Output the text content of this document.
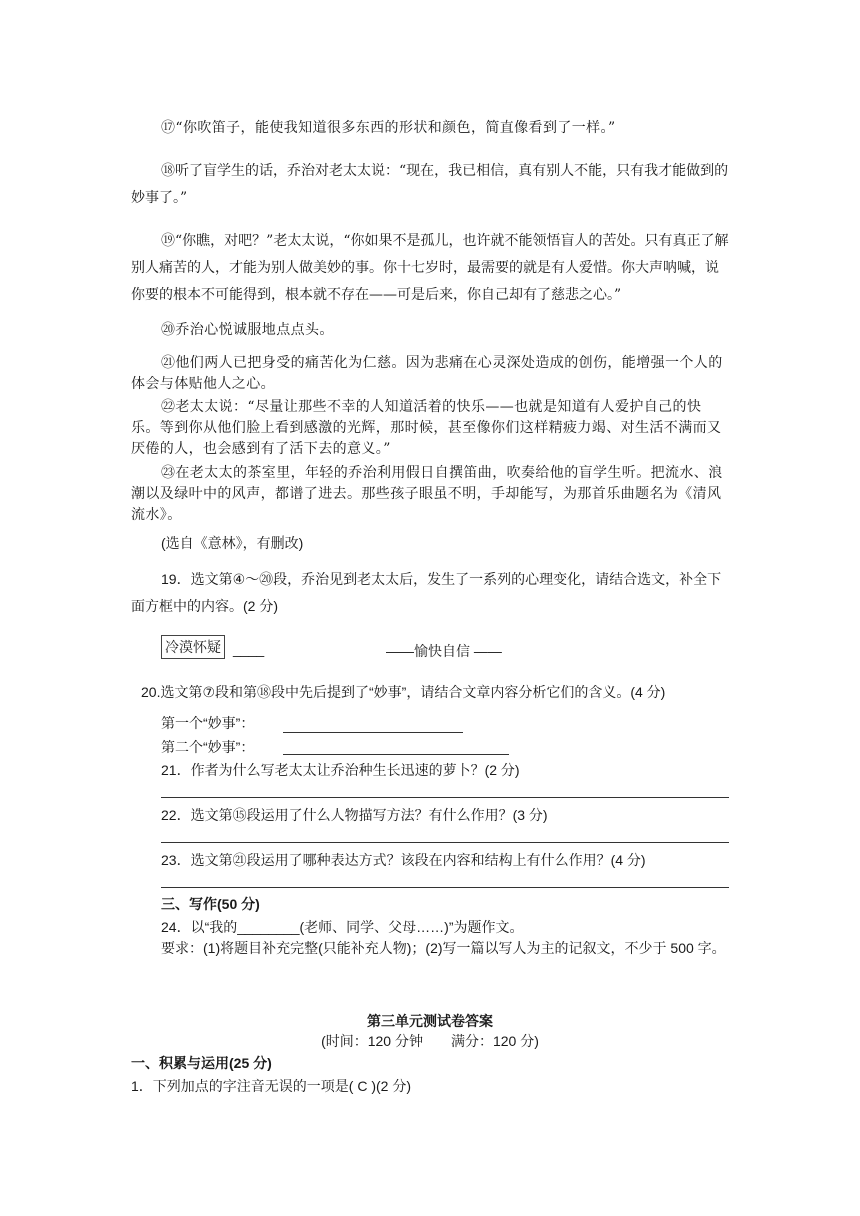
⑰“你吹笛子，能使我知道很多东西的形状和颜色，简直像看到了一样。”
⑱听了盲学生的话，乔治对老太太说：“现在，我已相信，真有别人不能，只有我才能做到的妙事了。”
⑲“你瞧，对吧？”老太太说，“你如果不是孤儿，也许就不能领悟盲人的苦处。只有真正了解别人痛苦的人，才能为别人做美妙的事。你十七岁时，最需要的就是有人爱惜。你大声呐喊，说你要的根本不可能得到，根本就不存在——可是后来，你自己却有了慈悲之心。”
⑳乔治心悦诚服地点点头。
㉑他们两人已把身受的痛苦化为仁慈。因为悲痛在心灵深处造成的创伤，能增强一个人的体会与体贴他人之心。
㉒老太太说：“尽量让那些不幸的人知道活着的快乐——也就是知道有人爱护自己的快乐。等到你从他们脸上看到感激的光辉，那时候，甚至像你们这样精疲力竭、对生活不满而又厌倦的人，也会感到有了活下去的意义。”
㉓在老太太的茶室里，年轻的乔治利用假日自撰笛曲，吹奏给他的盲学生听。把流水、浪潮以及绿叶中的风声，都谱了进去。那些孩子眼虽不明，手却能写，为那首乐曲题名为《清风流水》。
(选自《意林》，有删改)
19．选文第④～⑳段，乔治见到老太太后，发生了一系列的心理变化，请结合选文，补全下面方框中的内容。(2 分)
冷漠怀疑 ____	——愉快自信 ——
20.选文第⑦段和第⑱段中先后提到了“妙事”，请结合文章内容分析它们的含义。(4 分)
第一个“妙事”：
第二个“妙事”：
21．作者为什么写老太太让乔治种生长迅速的萝卜？(2 分)
22．选文第⑮段运用了什么人物描写方法？有什么作用？(3 分)
23．选文第㉑段运用了哪种表达方式？该段在内容和结构上有什么作用？(4 分)
三、写作(50 分)
24．以“我的________(老师、同学、父母……)”为题作文。
要求：(1)将题目补充完整(只能补充人物)；(2)写一篇以写人为主的记叙文，不少于 500 字。
第三单元测试卷答案
(时间：120 分钟　　满分：120 分)
一、积累与运用(25 分)
1．下列加点的字注音无误的一项是( C )(2 分)
